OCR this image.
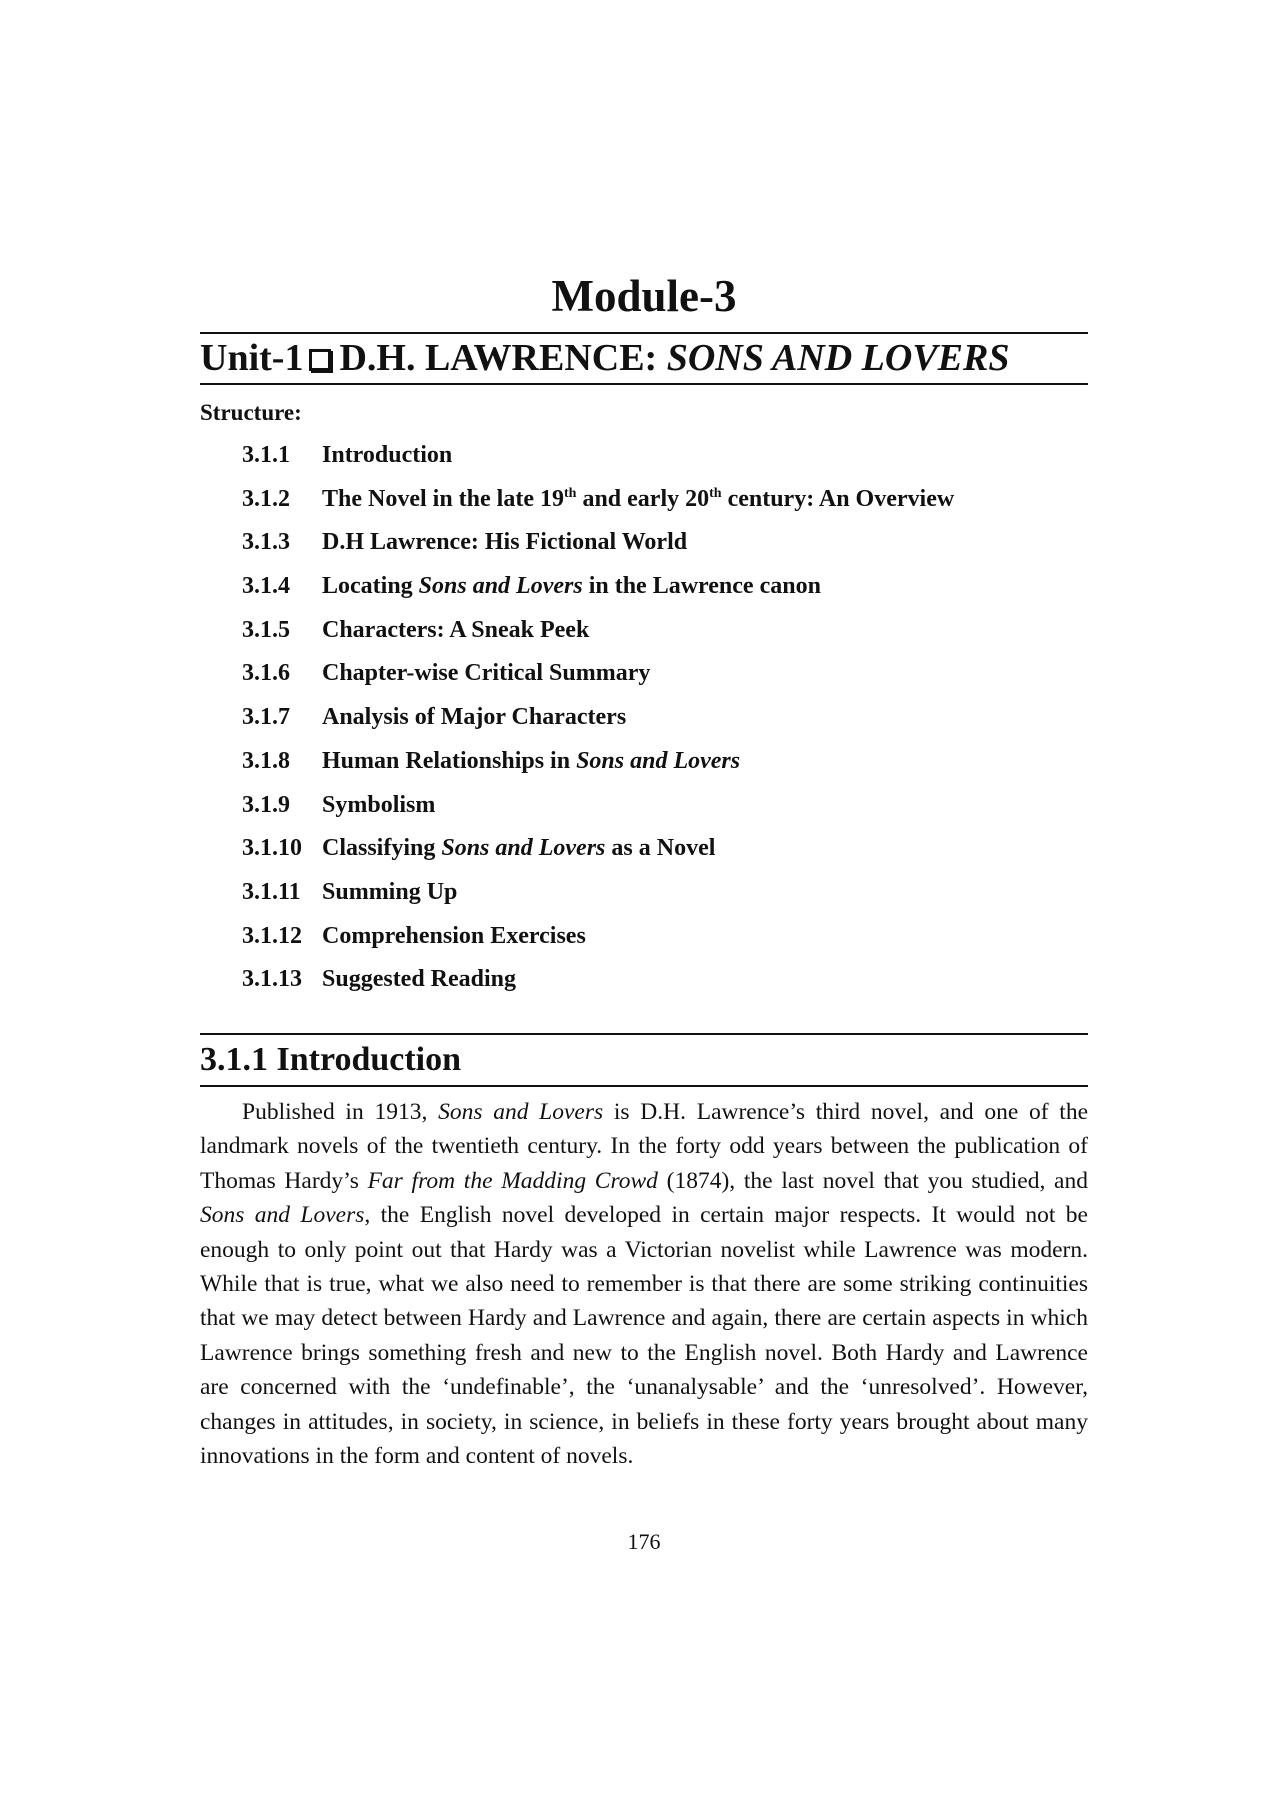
Module-3
Unit-1 D.H. LAWRENCE: SONS AND LOVERS
Structure:
3.1.1 Introduction
3.1.2 The Novel in the late 19th and early 20th century: An Overview
3.1.3 D.H Lawrence: His Fictional World
3.1.4 Locating Sons and Lovers in the Lawrence canon
3.1.5 Characters: A Sneak Peek
3.1.6 Chapter-wise Critical Summary
3.1.7 Analysis of Major Characters
3.1.8 Human Relationships in Sons and Lovers
3.1.9 Symbolism
3.1.10 Classifying Sons and Lovers as a Novel
3.1.11 Summing Up
3.1.12 Comprehension Exercises
3.1.13 Suggested Reading
3.1.1 Introduction

Published in 1913, Sons and Lovers is D.H. Lawrence’s third novel, and one of the landmark novels of the twentieth century. In the forty odd years between the publication of Thomas Hardy’s Far from the Madding Crowd (1874), the last novel that you studied, and Sons and Lovers, the English novel developed in certain major respects. It would not be enough to only point out that Hardy was a Victorian novelist while Lawrence was modern. While that is true, what we also need to remember is that there are some striking continuities that we may detect between Hardy and Lawrence and again, there are certain aspects in which Lawrence brings something fresh and new to the English novel. Both Hardy and Lawrence are concerned with the ‘undefinable’, the ‘unanalysable’ and the ‘unresolved’. However, changes in attitudes, in society, in science, in beliefs in these forty years brought about many innovations in the form and content of novels.

176
